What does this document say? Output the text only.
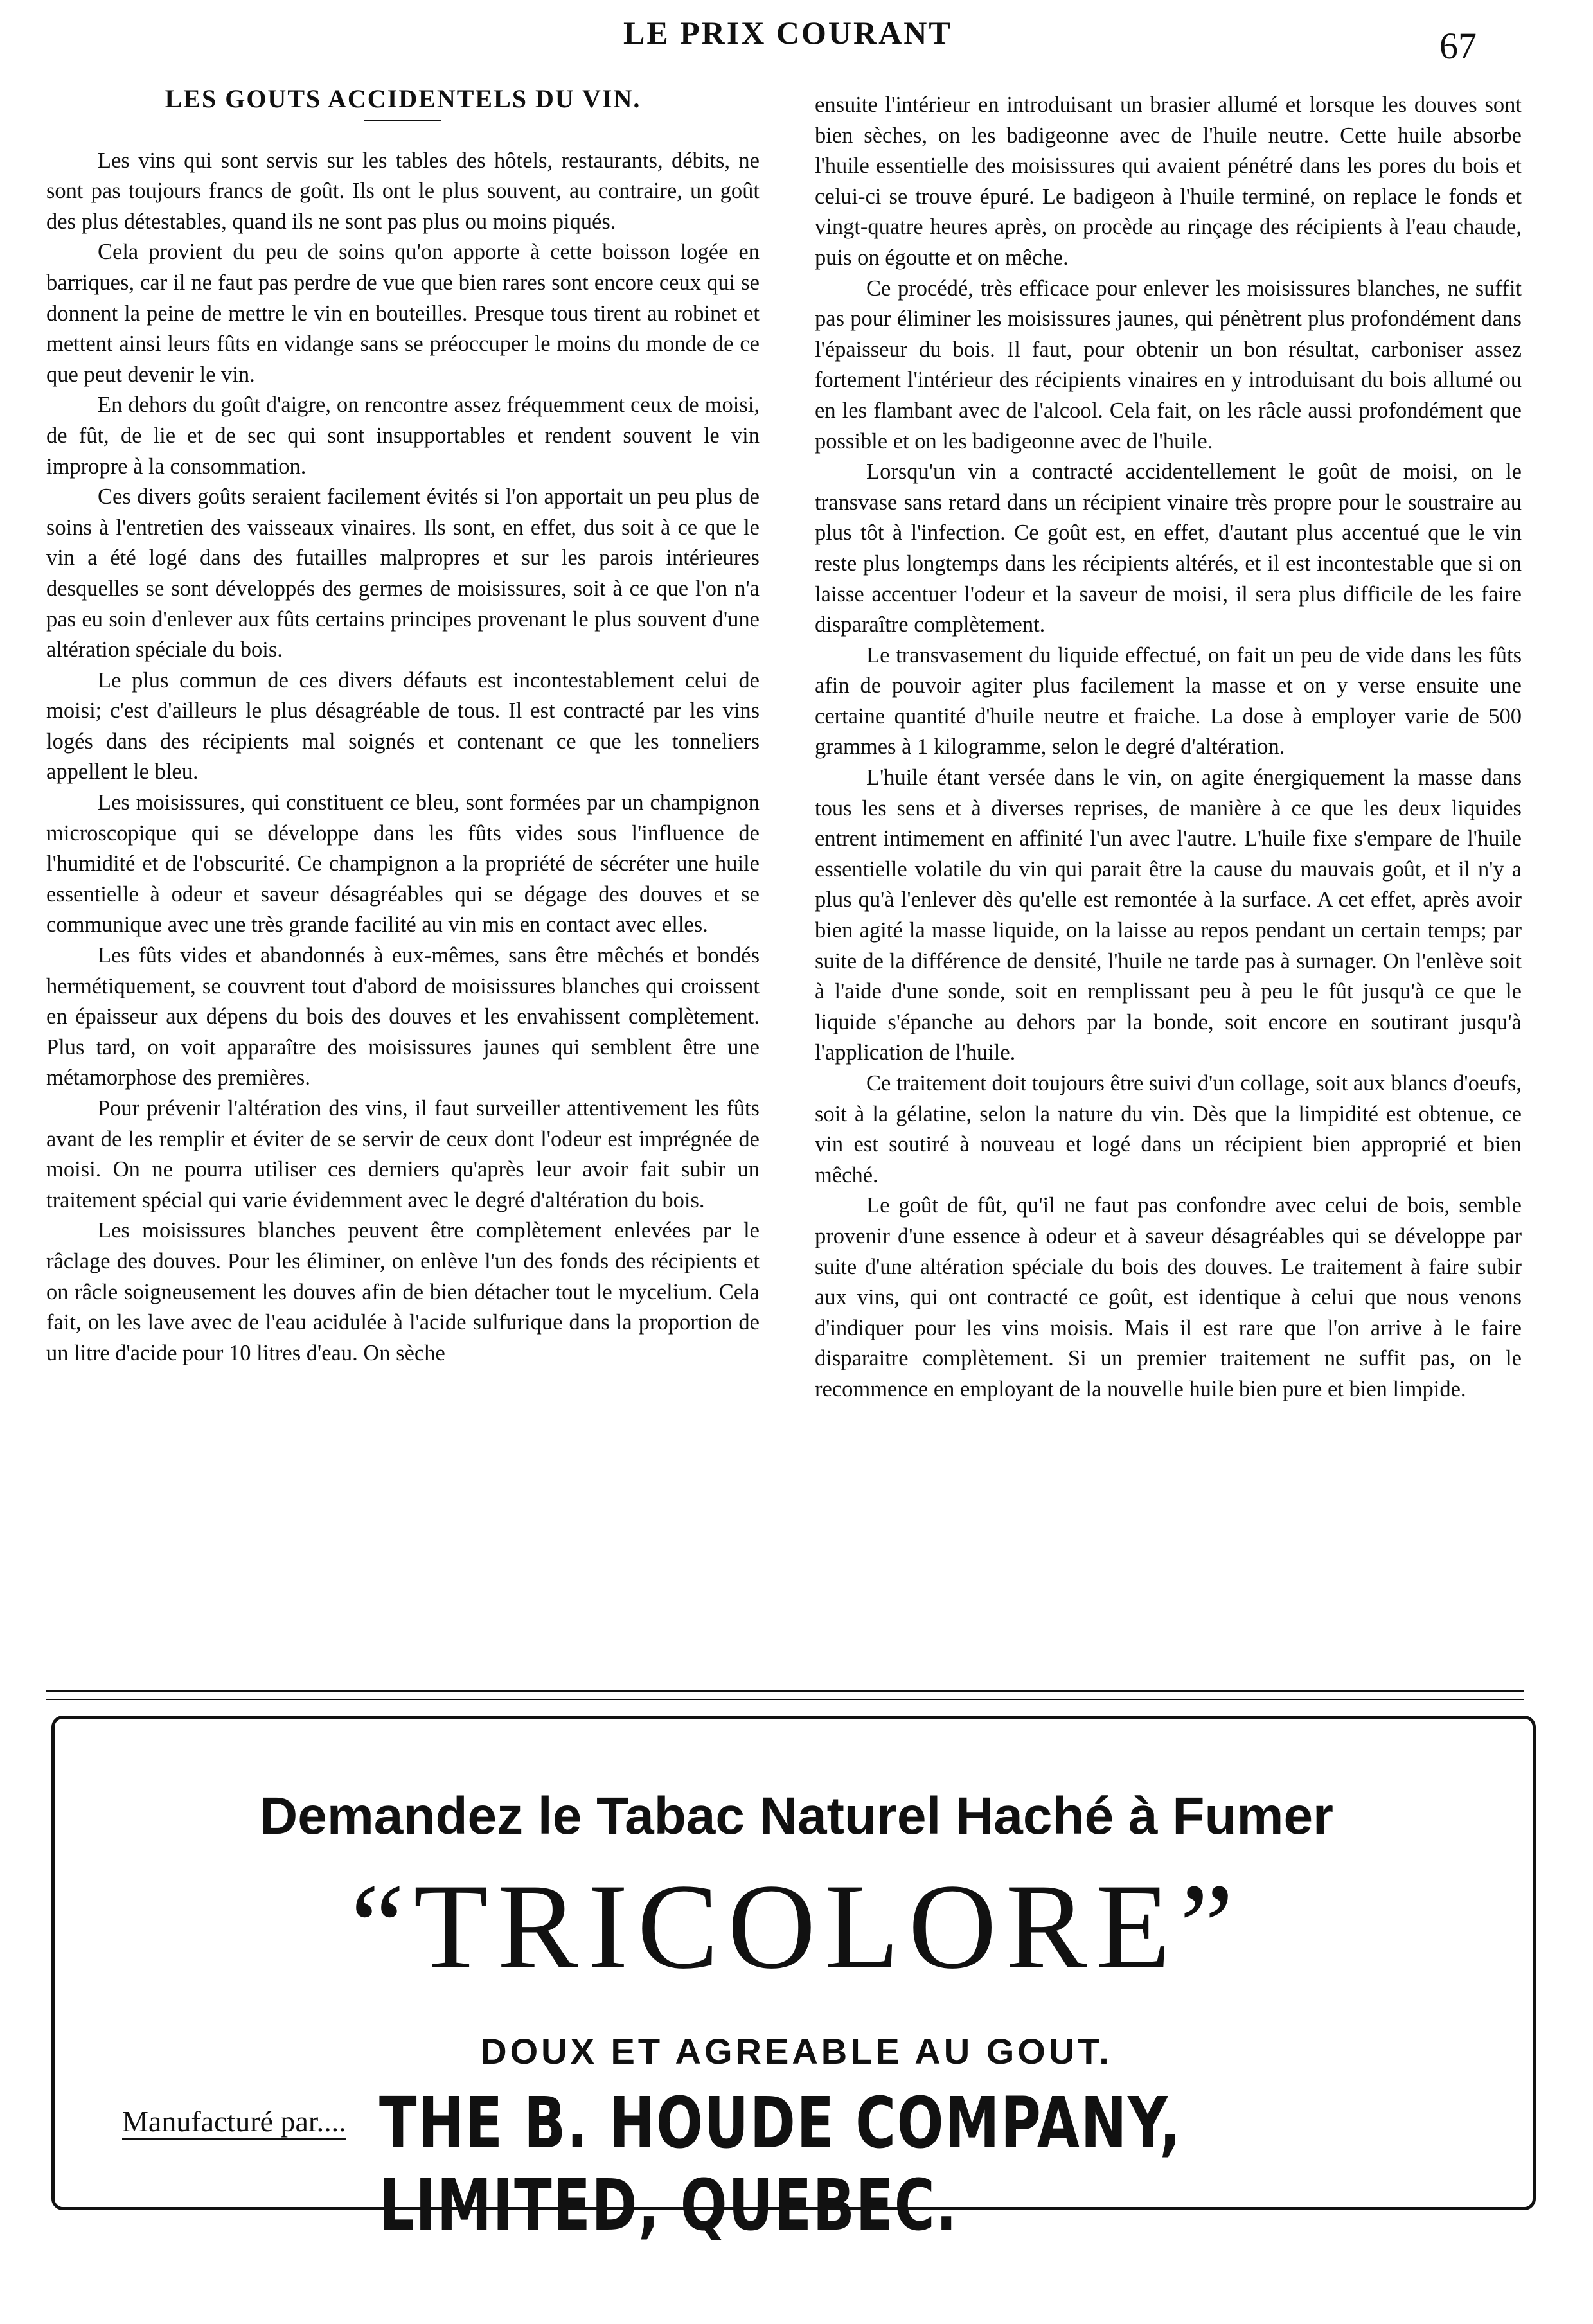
LE PRIX COURANT	67

LES GOUTS ACCIDENTELS DU VIN.

Les vins qui sont servis sur les tables des hôtels, restaurants, débits, ne sont pas toujours francs de goût. Ils ont le plus souvent, au contraire, un goût des plus détestables, quand ils ne sont pas plus ou moins piqués.

Cela provient du peu de soins qu'on apporte à cette boisson logée en barriques, car il ne faut pas perdre de vue que bien rares sont encore ceux qui se donnent la peine de mettre le vin en bouteilles. Presque tous tirent au robinet et mettent ainsi leurs fûts en vidange sans se préoccuper le moins du monde de ce que peut devenir le vin.

En dehors du goût d'aigre, on rencontre assez fréquemment ceux de moisi, de fût, de lie et de sec qui sont insupportables et rendent souvent le vin impropre à la consommation.

Ces divers goûts seraient facilement évités si l'on apportait un peu plus de soins à l'entretien des vaisseaux vinaires. Ils sont, en effet, dus soit à ce que le vin a été logé dans des futailles malpropres et sur les parois intérieures desquelles se sont développés des germes de moisissures, soit à ce que l'on n'a pas eu soin d'enlever aux fûts certains principes provenant le plus souvent d'une altération spéciale du bois.

Le plus commun de ces divers défauts est incontestablement celui de moisi; c'est d'ailleurs le plus désagréable de tous. Il est contracté par les vins logés dans des récipients mal soignés et contenant ce que les tonneliers appellent le bleu.

Les moisissures, qui constituent ce bleu, sont formées par un champignon microscopique qui se développe dans les fûts vides sous l'influence de l'humidité et de l'obscurité. Ce champignon a la propriété de sécréter une huile essentielle à odeur et saveur désagréables qui se dégage des douves et se communique avec une très grande facilité au vin mis en contact avec elles.

Les fûts vides et abandonnés à eux-mêmes, sans être mêchés et bondés hermétiquement, se couvrent tout d'abord de moisissures blanches qui croissent en épaisseur aux dépens du bois des douves et les envahissent complètement. Plus tard, on voit apparaître des moisissures jaunes qui semblent être une métamorphose des premières.

Pour prévenir l'altération des vins, il faut surveiller attentivement les fûts avant de les remplir et éviter de se servir de ceux dont l'odeur est imprégnée de moisi. On ne pourra utiliser ces derniers qu'après leur avoir fait subir un traitement spécial qui varie évidemment avec le degré d'altération du bois.

Les moisissures blanches peuvent être complètement enlevées par le râclage des douves. Pour les éliminer, on enlève l'un des fonds des récipients et on râcle soigneusement les douves afin de bien détacher tout le mycelium. Cela fait, on les lave avec de l'eau acidulée à l'acide sulfurique dans la proportion de un litre d'acide pour 10 litres d'eau. On sèche

ensuite l'intérieur en introduisant un brasier allumé et lorsque les douves sont bien sèches, on les badigeonne avec de l'huile neutre. Cette huile absorbe l'huile essentielle des moisissures qui avaient pénétré dans les pores du bois et celui-ci se trouve épuré. Le badigeon à l'huile terminé, on replace le fonds et vingt-quatre heures après, on procède au rinçage des récipients à l'eau chaude, puis on égoutte et on mêche.

Ce procédé, très efficace pour enlever les moisissures blanches, ne suffit pas pour éliminer les moisissures jaunes, qui pénètrent plus profondément dans l'épaisseur du bois. Il faut, pour obtenir un bon résultat, carboniser assez fortement l'intérieur des récipients vinaires en y introduisant du bois allumé ou en les flambant avec de l'alcool. Cela fait, on les râcle aussi profondément que possible et on les badigeonne avec de l'huile.

Lorsqu'un vin a contracté accidentellement le goût de moisi, on le transvase sans retard dans un récipient vinaire très propre pour le soustraire au plus tôt à l'infection. Ce goût est, en effet, d'autant plus accentué que le vin reste plus longtemps dans les récipients altérés, et il est incontestable que si on laisse accentuer l'odeur et la saveur de moisi, il sera plus difficile de les faire disparaître complètement.

Le transvasement du liquide effectué, on fait un peu de vide dans les fûts afin de pouvoir agiter plus facilement la masse et on y verse ensuite une certaine quantité d'huile neutre et fraiche. La dose à employer varie de 500 grammes à 1 kilogramme, selon le degré d'altération.

L'huile étant versée dans le vin, on agite énergiquement la masse dans tous les sens et à diverses reprises, de manière à ce que les deux liquides entrent intimement en affinité l'un avec l'autre. L'huile fixe s'empare de l'huile essentielle volatile du vin qui parait être la cause du mauvais goût, et il n'y a plus qu'à l'enlever dès qu'elle est remontée à la surface. A cet effet, après avoir bien agité la masse liquide, on la laisse au repos pendant un certain temps; par suite de la différence de densité, l'huile ne tarde pas à surnager. On l'enlève soit à l'aide d'une sonde, soit en remplissant peu à peu le fût jusqu'à ce que le liquide s'épanche au dehors par la bonde, soit encore en soutirant jusqu'à l'application de l'huile.

Ce traitement doit toujours être suivi d'un collage, soit aux blancs d'oeufs, soit à la gélatine, selon la nature du vin. Dès que la limpidité est obtenue, ce vin est soutiré à nouveau et logé dans un récipient bien approprié et bien mêché.

Le goût de fût, qu'il ne faut pas confondre avec celui de bois, semble provenir d'une essence à odeur et à saveur désagréables qui se développe par suite d'une altération spéciale du bois des douves. Le traitement à faire subir aux vins, qui ont contracté ce goût, est identique à celui que nous venons d'indiquer pour les vins moisis. Mais il est rare que l'on arrive à le faire disparaitre complètement. Si un premier traitement ne suffit pas, on le recommence en employant de la nouvelle huile bien pure et bien limpide.

Demandez le Tabac Naturel Haché à Fumer
“TRICOLORE”
DOUX ET AGREABLE AU GOUT.
Manufacturé par.... THE B. HOUDE COMPANY, LIMITED, QUEBEC.
